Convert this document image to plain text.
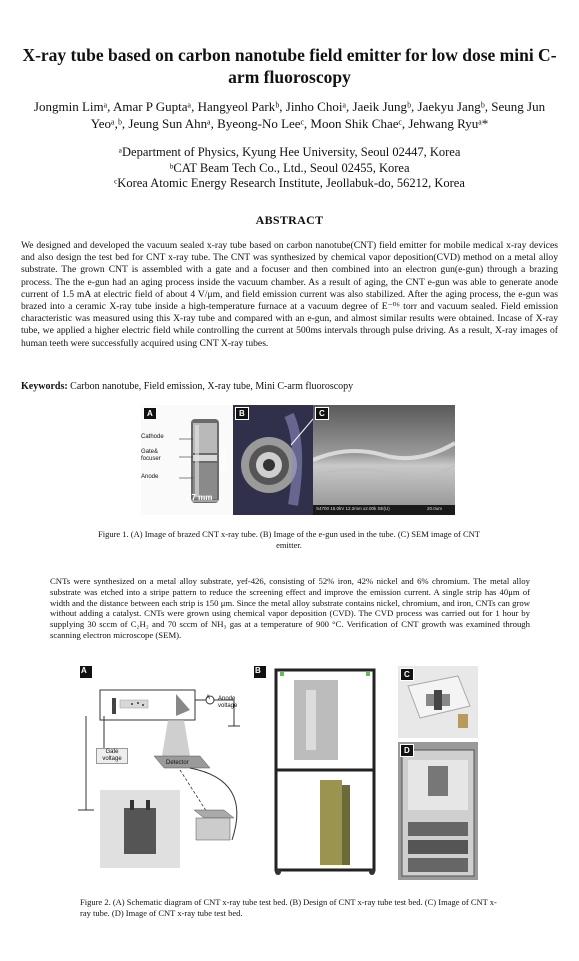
X-ray tube based on carbon nanotube field emitter for low dose mini C-arm fluoroscopy
Jongmin Limᵃ, Amar P Guptaᵃ, Hangyeol Parkᵇ, Jinho Choiᵃ, Jaeik Jungᵇ, Jaekyu Jangᵇ, Seung Jun Yeoᵃ,ᵇ, Jeung Sun Ahnᵃ, Byeong-No Leeᶜ, Moon Shik Chaeᶜ, Jehwang Ryuᵃ*
ᵃDepartment of Physics, Kyung Hee University, Seoul 02447, Korea
ᵇCAT Beam Tech Co., Ltd., Seoul 02455, Korea
ᶜKorea Atomic Energy Research Institute, Jeollabuk-do, 56212, Korea
ABSTRACT
We designed and developed the vacuum sealed x-ray tube based on carbon nanotube(CNT) field emitter for mobile medical x-ray devices and also design the test bed for CNT x-ray tube. The CNT was synthesized by chemical vapor deposition(CVD) method on a metal alloy substrate. The grown CNT is assembled with a gate and a focuser and then combined into an electron gun(e-gun) through a brazing process. The the e-gun had an aging process inside the vacuum chamber. As a result of aging, the CNT e-gun was able to generate anode current of 1.5 mA at electric field of about 4 V/μm, and field emission current was also stabilized. After the aging process, the e-gun was brazed into a ceramic X-ray tube inside a high-temperature furnace at a vacuum degree of E⁻⁰⁶ torr and vacuum sealed. Field emission characteristic was measured using this X-ray tube and compared with an e-gun, and almost similar results were obtained. Incase of X-ray tube, we applied a higher electric field while controlling the current at 500ms intervals through pulse driving. As a result, X-ray images of human teeth were successfully acquired using CNT X-ray tubes.
Keywords: Carbon nanotube, Field emission, X-ray tube, Mini C-arm fluoroscopy
A
Cathode
Gate& focuser
Anode
52mm
27 mm
B	C
S4700 15.0kV 12.2mm x2.00k SE(U)	20.0um
Figure 1. (A) Image of brazed CNT x-ray tube. (B) Image of the e-gun used in the tube. (C) SEM image of CNT emitter.
CNTs were synthesized on a metal alloy substrate, yef-426, consisting of 52% iron, 42% nickel and 6% chromium. The metal alloy substrate was etched into a stripe pattern to reduce the screening effect and improve the emission current. A single strip has 40μm of width and the distance between each strip is 150 μm. Since the metal alloy substrate contains nickel, chromium, and iron, CNTs can grow without adding a catalyst. CNTs were grown using chemical vapor deposition (CVD). The CVD process was carried out for 1 hour by supplying 30 sccm of C₂H₂ and 70 sccm of NH₃ gas at a temperature of 900 °C. Verification of CNT growth was examined through scanning electron microscope (SEM).
A
A Anode voltage
Gate voltage
Detector
B	C
D
Figure 2. (A) Schematic diagram of CNT x-ray tube test bed. (B) Design of CNT x-ray tube test bed. (C) Image of CNT x-ray tube. (D) Image of CNT x-ray tube test bed.
